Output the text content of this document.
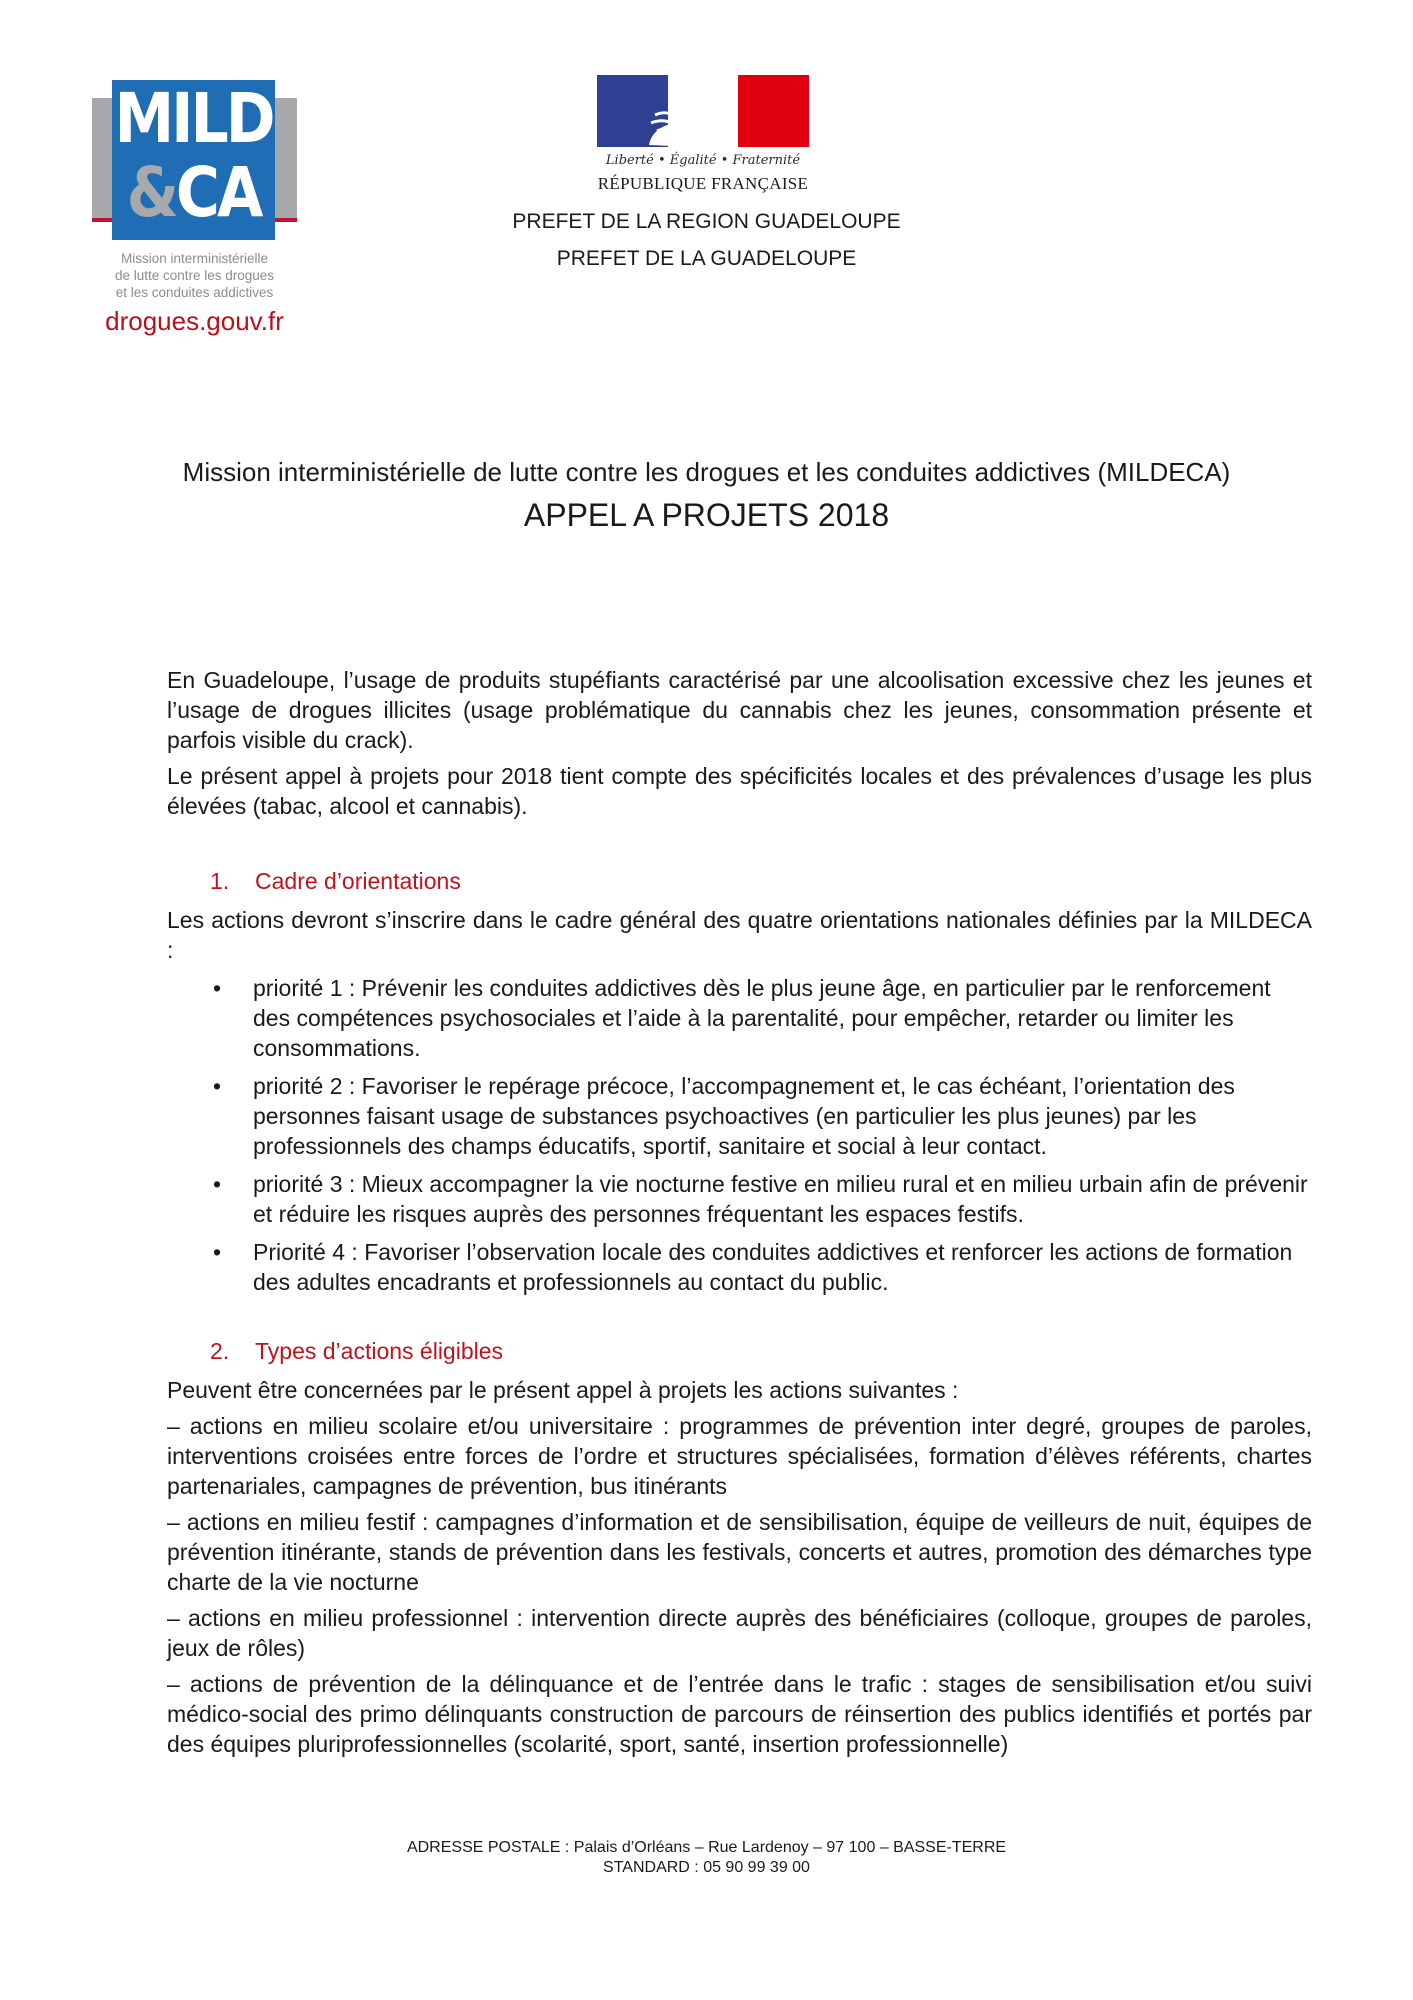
MILD
&CA
Mission interministérielle
de lutte contre les drogues
et les conduites addictives
drogues.gouv.fr
Liberté • Égalité • Fraternité
RÉPUBLIQUE FRANÇAISE
PREFET DE LA REGION GUADELOUPE
PREFET DE LA GUADELOUPE
Mission interministérielle de lutte contre les drogues et les conduites addictives (MILDECA)
APPEL A PROJETS 2018

En Guadeloupe, l’usage de produits stupéfiants caractérisé par une alcoolisation excessive chez les jeunes et l’usage de drogues illicites (usage problématique du cannabis chez les jeunes, consommation présente et parfois visible du crack).

Le présent appel à projets pour 2018 tient compte des spécificités locales et des prévalences d’usage les plus élevées (tabac, alcool et cannabis).

1. Cadre d’orientations

Les actions devront s’inscrire dans le cadre général des quatre orientations nationales définies par la MILDECA :

• priorité 1 : Prévenir les conduites addictives dès le plus jeune âge, en particulier par le renforcement des compétences psychosociales et l’aide à la parentalité, pour empêcher, retarder ou limiter les consommations.
• priorité 2 : Favoriser le repérage précoce, l’accompagnement et, le cas échéant, l’orientation des personnes faisant usage de substances psychoactives (en particulier les plus jeunes) par les professionnels des champs éducatifs, sportif, sanitaire et social à leur contact.
• priorité 3 : Mieux accompagner la vie nocturne festive en milieu rural et en milieu urbain afin de prévenir et réduire les risques auprès des personnes fréquentant les espaces festifs.
• Priorité 4 : Favoriser l’observation locale des conduites addictives et renforcer les actions de formation des adultes encadrants et professionnels au contact du public.
2. Types d’actions éligibles

Peuvent être concernées par le présent appel à projets les actions suivantes :

– actions en milieu scolaire et/ou universitaire : programmes de prévention inter degré, groupes de paroles, interventions croisées entre forces de l’ordre et structures spécialisées, formation d’élèves référents, chartes partenariales, campagnes de prévention, bus itinérants

– actions en milieu festif : campagnes d’information et de sensibilisation, équipe de veilleurs de nuit, équipes de prévention itinérante, stands de prévention dans les festivals, concerts et autres, promotion des démarches type charte de la vie nocturne

– actions en milieu professionnel : intervention directe auprès des bénéficiaires (colloque, groupes de paroles, jeux de rôles)

– actions de prévention de la délinquance et de l’entrée dans le trafic : stages de sensibilisation et/ou suivi médico-social des primo délinquants construction de parcours de réinsertion des publics identifiés et portés par des équipes pluriprofessionnelles (scolarité, sport, santé, insertion professionnelle)

ADRESSE POSTALE : Palais d’Orléans – Rue Lardenoy – 97 100 – BASSE-TERRE
STANDARD : 05 90 99 39 00
